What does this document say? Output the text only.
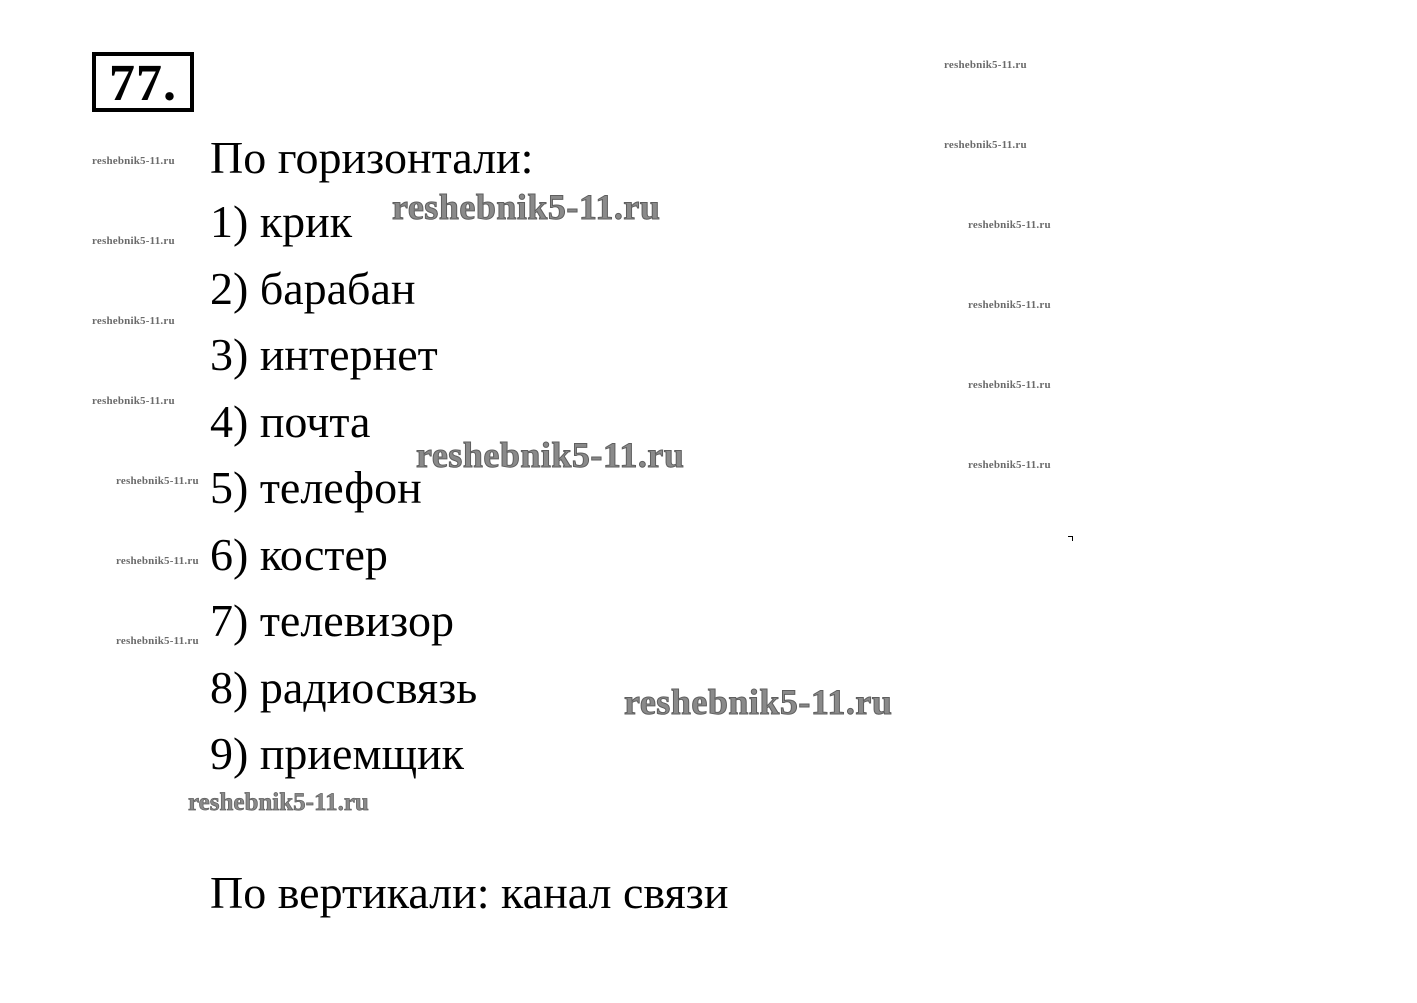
77.
По горизонтали:
1) крик
2) барабан
3) интернет
4) почта
5) телефон
6) костер
7) телевизор
8) радиосвязь
9) приемщик
По вертикали: канал связи
reshebnik5-11.ru
reshebnik5-11.ru
reshebnik5-11.ru
reshebnik5-11.ru
reshebnik5-11.ru
reshebnik5-11.ru
reshebnik5-11.ru
reshebnik5-11.ru
reshebnik5-11.ru
reshebnik5-11.ru
reshebnik5-11.ru
reshebnik5-11.ru
reshebnik5-11.ru
reshebnik5-11.ru
reshebnik5-11.ru
reshebnik5-11.ru
reshebnik5-11.ru
